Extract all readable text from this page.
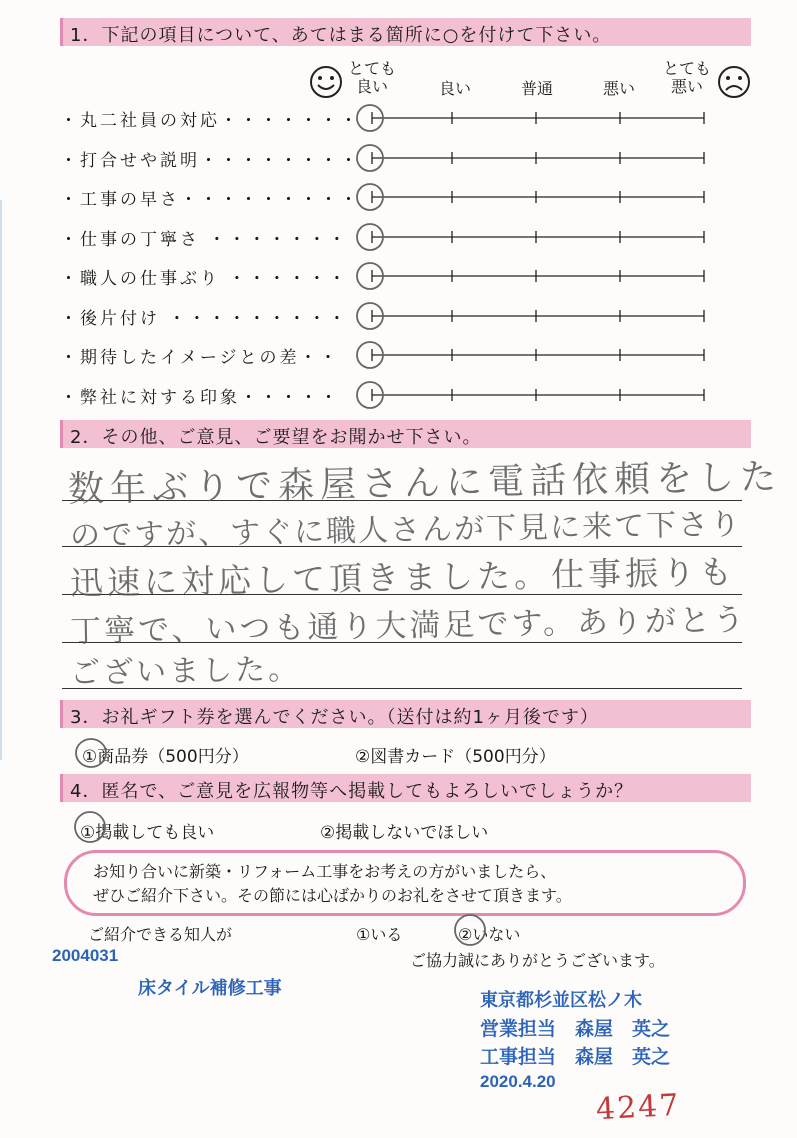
1．下記の項目について、あてはまる箇所に○を付けて下さい。
とても
良い	良い	普通	悪い
とても
悪い
・丸二社員の対応・・・・・・・
・打合せや説明・・・・・・・・
・工事の早さ・・・・・・・・・
・仕事の丁寧さ ・・・・・・・
・職人の仕事ぶり ・・・・・・
・後片付け ・・・・・・・・・
・期待したイメージとの差・・
・弊社に対する印象・・・・・
2．その他、ご意見、ご要望をお聞かせ下さい。
数年ぶりで森屋さんに電話依頼をした
のですが、すぐに職人さんが下見に来て下さり
迅速に対応して頂きました。仕事振りも
丁寧で、いつも通り大満足です。ありがとう
ございました。
3．お礼ギフト券を選んでください。（送付は約1ヶ月後です）
①商品券（500円分）	②図書カード（500円分）
4．匿名で、ご意見を広報物等へ掲載してもよろしいでしょうか？
①掲載しても良い	②掲載しないでほしい
お知り合いに新築・リフォーム工事をお考えの方がいましたら、
ぜひご紹介下さい。その節には心ばかりのお礼をさせて頂きます。
ご紹介できる知人が	①いる	②いない
ご協力誠にありがとうございます。
2004031
床タイル補修工事
東京都杉並区松ノ木
営業担当　森屋　英之
工事担当　森屋　英之
2020.4.20
4247
